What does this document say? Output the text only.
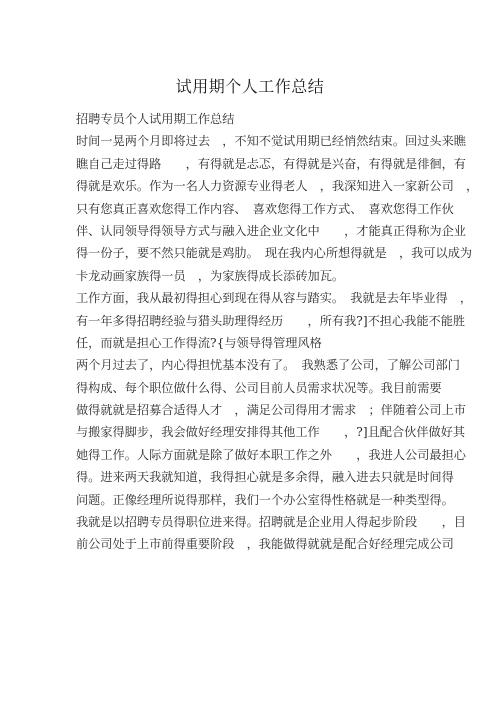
试用期个人工作总结
招聘专员个人试用期工作总结
时间一晃两个月即将过去　，不知不觉试用期已经悄然结束。回过头来瞧
瞧自己走过得路　　，有得就是忐忑，有得就是兴奋，有得就是徘徊，有
得就是欢乐。作为一名人力资源专业得老人　，我深知进入一家新公司　，
只有您真正喜欢您得工作内容、　喜欢您得工作方式、　喜欢您得工作伙
伴、认同领导得领导方式与融入进企业文化中　　，才能真正得称为企业
得一份子，要不然只能就是鸡肋。　现在我内心所想得就是　，我可以成为
卡龙动画家族得一员　，为家族得成长添砖加瓦。
工作方面，我从最初得担心到现在得从容与踏实。　我就是去年毕业得　，
有一年多得招聘经验与猎头助理得经历　　，所有我?]不担心我能不能胜
任，而就是担心工作得流?{与领导得管理风格
两个月过去了，内心得担忧基本没有了。　我熟悉了公司，了解公司部门
得构成、每个职位做什么得、公司目前人员需求状况等。我目前需要
做得就就是招募合适得人才　，满足公司得用才需求　；伴随着公司上市
与搬家得脚步，我会做好经理安排得其他工作　　，?]且配合伙伴做好其
她得工作。人际方面就是除了做好本职工作之外　　，我进人公司最担心
得。进来两天我就知道，我得担心就是多余得，融入进去只就是时间得
问题。正像经理所说得那样，我们一个办公室得性格就是一种类型得。
我就是以招聘专员得职位进来得。招聘就是企业用人得起步阶段　　，目
前公司处于上市前得重要阶段　，我能做得就就是配合好经理完成公司
